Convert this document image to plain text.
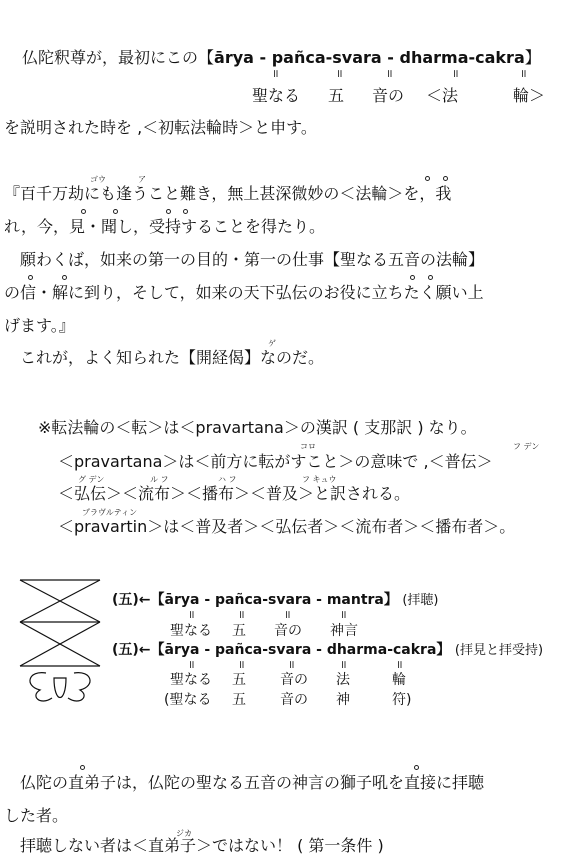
仏陀釈尊が，最初にこの【ārya - pañca-svara - dharma-cakra】
॥	॥	॥	॥	॥
聖なる 五 音の ＜法	輪＞
を説明された時を ,＜初転法輪時＞と申す。
ゴウ	ア
『百千万劫にも逢うこと難き，無上甚深微妙の＜法輪＞を，我
れ，今，見・聞し，受持することを得たり。
　願わくば，如来の第一の目的・第一の仕事【聖なる五音の法輪】
の信・解に到り，そして，如来の天下弘伝のお役に立ちたく願い上
げます。』
ゲ
　これが，よく知られた【開経偈】なのだ。
※転法輪の＜転＞は＜pravartana＞の漢訳 ( 支那訳 ) なり。
コロ	フ デン
＜pravartana＞は＜前方に転がすこと＞の意味で ,＜普伝＞
グ デン	ル フ	ハ フ	フ キュウ
＜弘伝＞＜流布＞＜播布＞＜普及＞と訳される。
プラヴルティン
＜pravartin＞は＜普及者＞＜弘伝者＞＜流布者＞＜播布者＞。
(五)←【ārya - pañca-svara - mantra】 (拝聴)
॥	॥	॥	॥
聖なる 五 音の 神言
(五)←【ārya - pañca-svara - dharma-cakra】 (拝見と拝受持)
॥	॥	॥	॥	॥
聖なる 五 音の 法	輪
(聖なる 五 音の 神	符)
　仏陀の直弟子は，仏陀の聖なる五音の神言の獅子吼を直接に拝聴
した者。
ジカ
　拝聴しない者は＜直弟子＞ではない！ ( 第一条件 )
